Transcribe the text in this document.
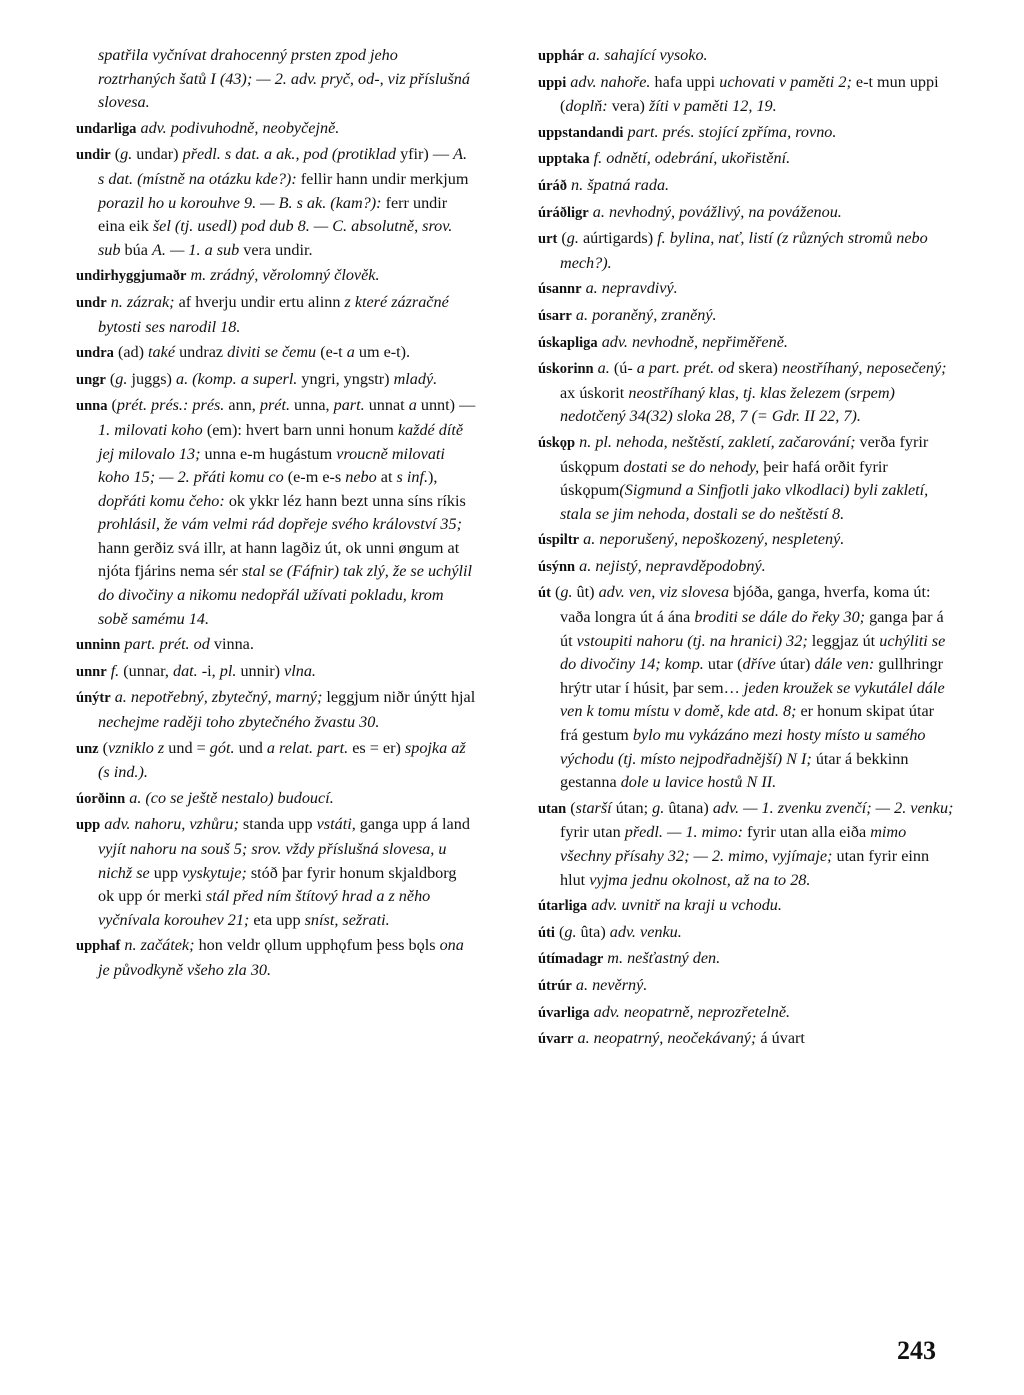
spatřila vyčnívat drahocenný prsten zpod jeho roztrhaných šatů I (43); — 2. adv. pryč, od-, viz příslušná slovesa.

undarliga adv. podivuhodně, neobyčejně.

undir (g. undar) předl. s dat. a ak., pod (protiklad yfir) — A. s dat. (místně na otázku kde?): fellir hann undir merkjum porazil ho u korouhve 9. — B. s ak. (kam?): ferr undir eina eik šel (tj. usedl) pod dub 8. — C. absolutně, srov. sub búa A. — 1. a sub vera undir.

undirhyggjumaðr m. zrádný, věrolomný člověk.

undr n. zázrak; af hverju undir ertu alinn z které zázračné bytosti ses narodil 18.

undra (ad) také undraz diviti se čemu (e-t a um e-t).

ungr (g. juggs) a. (komp. a superl. yngri, yngstr) mladý.

unna (prét. prés.: prés. ann, prét. unna, part. unnat a unnt) — 1. milovati koho (em): hvert barn unni honum každé dítě jej milovalo 13; unna e-m hugástum vroucně milovati koho 15; — 2. přáti komu co (e-m e-s nebo at s inf.), dopřáti komu čeho: ok ykkr léz hann bezt unna síns ríkis prohlásil, že vám velmi rád dopřeje svého království 35; hann gerðiz svá illr, at hann lagðiz út, ok unni øngum at njóta fjárins nema sér stal se (Fáfnir) tak zlý, že se uchýlil do divočiny a nikomu nedopřál užívati pokladu, krom sobě samému 14.

unninn part. prét. od vinna.

unnr f. (unnar, dat. -i, pl. unnir) vlna.

únýtr a. nepotřebný, zbytečný, marný; leggjum niðr únýtt hjal nechejme raději toho zbytečného žvastu 30.

unz (vzniklo z und = gót. und a relat. part. es = er) spojka až (s ind.).

úorðinn a. (co se ještě nestalo) budoucí.

upp adv. nahoru, vzhůru; standa upp vstáti, ganga upp á land vyjít nahoru na souš 5; srov. vždy příslušná slovesa, u nichž se upp vyskytuje; stóð þar fyrir honum skjaldborg ok upp ór merki stál před ním štítový hrad a z něho vyčnívala korouhev 21; eta upp sníst, sežrati.

upphaf n. začátek; hon veldr ǫllum upphǫfum þess bǫls ona je původkyně všeho zla 30.

upphár a. sahající vysoko.

uppi adv. nahoře. hafa uppi uchovati v paměti 2; e-t mun uppi (doplň: vera) žíti v paměti 12, 19.

uppstandandi part. prés. stojící zpříma, rovno.

upptaka f. odnětí, odebrání, ukořistění.

úráð n. špatná rada.

úráðligr a. nevhodný, povážlivý, na pováženou.

urt (g. aúrtigards) f. bylina, nať, listí (z různých stromů nebo mech?).

úsannr a. nepravdivý.

úsarr a. poraněný, zraněný.

úskapliga adv. nevhodně, nepřiměřeně.

úskorinn a. (ú- a part. prét. od skera) neostříhaný, neposečený; ax úskorit neostříhaný klas, tj. klas železem (srpem) nedotčený 34(32) sloka 28, 7 (= Gdr. II 22, 7).

úskǫp n. pl. nehoda, neštěstí, zakletí, začarování; verða fyrir úskǫpum dostati se do nehody, þeir hafá orðit fyrir úskǫpum(Sigmund a Sinfjotli jako vlkodlaci) byli zakletí, stala se jim nehoda, dostali se do neštěstí 8.

úspiltr a. neporušený, nepoškozený, nespletený.

úsýnn a. nejistý, nepravděpodobný.

út (g. ût) adv. ven, viz slovesa bjóða, ganga, hverfa, koma út: vaða longra út á ána broditi se dále do řeky 30; ganga þar á út vstoupiti nahoru (tj. na hranici) 32; leggjaz út uchýliti se do divočiny 14; komp. utar (dříve útar) dále ven: gullhringr hrýtr utar í húsit, þar sem… jeden kroužek se vykutálel dále ven k tomu místu v domě, kde atd. 8; er honum skipat útar frá gestum bylo mu vykázáno mezi hosty místo u samého východu (tj. místo nejpodřadnější) N I; útar á bekkinn gestanna dole u lavice hostů N II.

utan (starší útan; g. ûtana) adv. — 1. zvenku zvenčí; — 2. venku; fyrir utan předl. — 1. mimo: fyrir utan alla eiða mimo všechny přísahy 32; — 2. mimo, vyjímaje; utan fyrir einn hlut vyjma jednu okolnost, až na to 28.

útarliga adv. uvnitř na kraji u vchodu.

úti (g. ûta) adv. venku.

útímadagr m. nešťastný den.

útrúr a. nevěrný.

úvarliga adv. neopatrně, neprozřetelně.

úvarr a. neopatrný, neočekávaný; á úvart

243
